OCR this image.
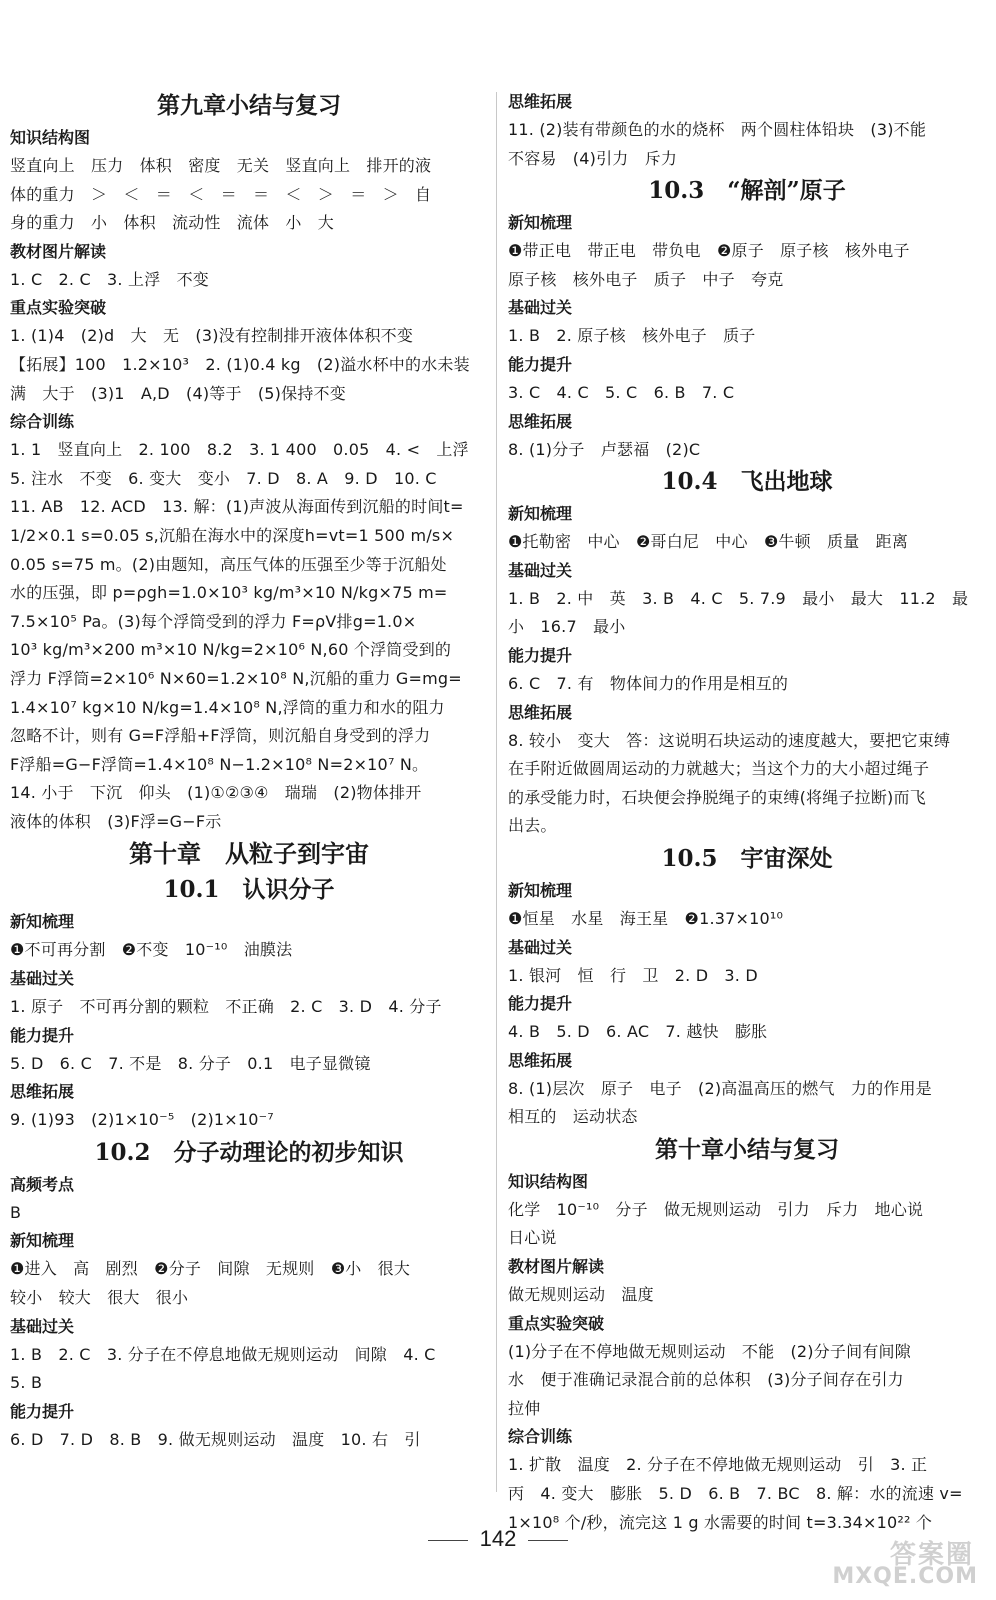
第九章小结与复习
知识结构图
竖直向上　压力　体积　密度　无关　竖直向上　排开的液
体的重力　＞　＜　＝　＜　＝　＝　＜　＞　＝　＞　自
身的重力　小　体积　流动性　流体　小　大
教材图片解读
1. C　2. C　3. 上浮　不变
重点实验突破
1. (1)4　(2)d　大　无　(3)没有控制排开液体体积不变
【拓展】100　1.2×10³　2. (1)0.4 kg　(2)溢水杯中的水未装
满　大于　(3)1　A,D　(4)等于　(5)保持不变
综合训练
1. 1　竖直向上　2. 100　8.2　3. 1 400　0.05　4. <　上浮
5. 注水　不变　6. 变大　变小　7. D　8. A　9. D　10. C
11. AB　12. ACD　13. 解：(1)声波从海面传到沉船的时间t=
1/2×0.1 s=0.05 s,沉船在海水中的深度h=vt=1 500 m/s×
0.05 s=75 m。(2)由题知，高压气体的压强至少等于沉船处
水的压强，即 p=ρgh=1.0×10³ kg/m³×10 N/kg×75 m=
7.5×10⁵ Pa。(3)每个浮筒受到的浮力 F=ρV排g=1.0×
10³ kg/m³×200 m³×10 N/kg=2×10⁶ N,60 个浮筒受到的
浮力 F浮筒=2×10⁶ N×60=1.2×10⁸ N,沉船的重力 G=mg=
1.4×10⁷ kg×10 N/kg=1.4×10⁸ N,浮筒的重力和水的阻力
忽略不计，则有 G=F浮船+F浮筒，则沉船自身受到的浮力
F浮船=G−F浮筒=1.4×10⁸ N−1.2×10⁸ N=2×10⁷ N。
14. 小于　下沉　仰头　(1)①②③④　瑞瑞　(2)物体排开
液体的体积　(3)F浮=G−F示
第十章　从粒子到宇宙
10.1　认识分子
新知梳理
❶不可再分割　❷不变　10⁻¹⁰　油膜法
基础过关
1. 原子　不可再分割的颗粒　不正确　2. C　3. D　4. 分子
能力提升
5. D　6. C　7. 不是　8. 分子　0.1　电子显微镜
思维拓展
9. (1)93　(2)1×10⁻⁵　(2)1×10⁻⁷
10.2　分子动理论的初步知识
高频考点
B
新知梳理
❶进入　高　剧烈　❷分子　间隙　无规则　❸小　很大
较小　较大　很大　很小
基础过关
1. B　2. C　3. 分子在不停息地做无规则运动　间隙　4. C
5. B
能力提升
6. D　7. D　8. B　9. 做无规则运动　温度　10. 右　引
思维拓展
11. (2)装有带颜色的水的烧杯　两个圆柱体铅块　(3)不能
不容易　(4)引力　斥力
10.3　“解剖”原子
新知梳理
❶带正电　带正电　带负电　❷原子　原子核　核外电子
原子核　核外电子　质子　中子　夸克
基础过关
1. B　2. 原子核　核外电子　质子
能力提升
3. C　4. C　5. C　6. B　7. C
思维拓展
8. (1)分子　卢瑟福　(2)C
10.4　飞出地球
新知梳理
❶托勒密　中心　❷哥白尼　中心　❸牛顿　质量　距离
基础过关
1. B　2. 中　英　3. B　4. C　5. 7.9　最小　最大　11.2　最
小　16.7　最小
能力提升
6. C　7. 有　物体间力的作用是相互的
思维拓展
8. 较小　变大　答：这说明石块运动的速度越大，要把它束缚
在手附近做圆周运动的力就越大；当这个力的大小超过绳子
的承受能力时，石块便会挣脱绳子的束缚(将绳子拉断)而飞
出去。
10.5　宇宙深处
新知梳理
❶恒星　水星　海王星　❷1.37×10¹⁰
基础过关
1. 银河　恒　行　卫　2. D　3. D
能力提升
4. B　5. D　6. AC　7. 越快　膨胀
思维拓展
8. (1)层次　原子　电子　(2)高温高压的燃气　力的作用是
相互的　运动状态
第十章小结与复习
知识结构图
化学　10⁻¹⁰　分子　做无规则运动　引力　斥力　地心说
日心说
教材图片解读
做无规则运动　温度
重点实验突破
(1)分子在不停地做无规则运动　不能　(2)分子间有间隙
水　便于准确记录混合前的总体积　(3)分子间存在引力
拉伸
综合训练
1. 扩散　温度　2. 分子在不停地做无规则运动　引　3. 正
丙　4. 变大　膨胀　5. D　6. B　7. BC　8. 解：水的流速 v=
1×10⁸ 个/秒，流完这 1 g 水需要的时间 t=3.34×10²² 个
142
答案圈
MXQE.COM
